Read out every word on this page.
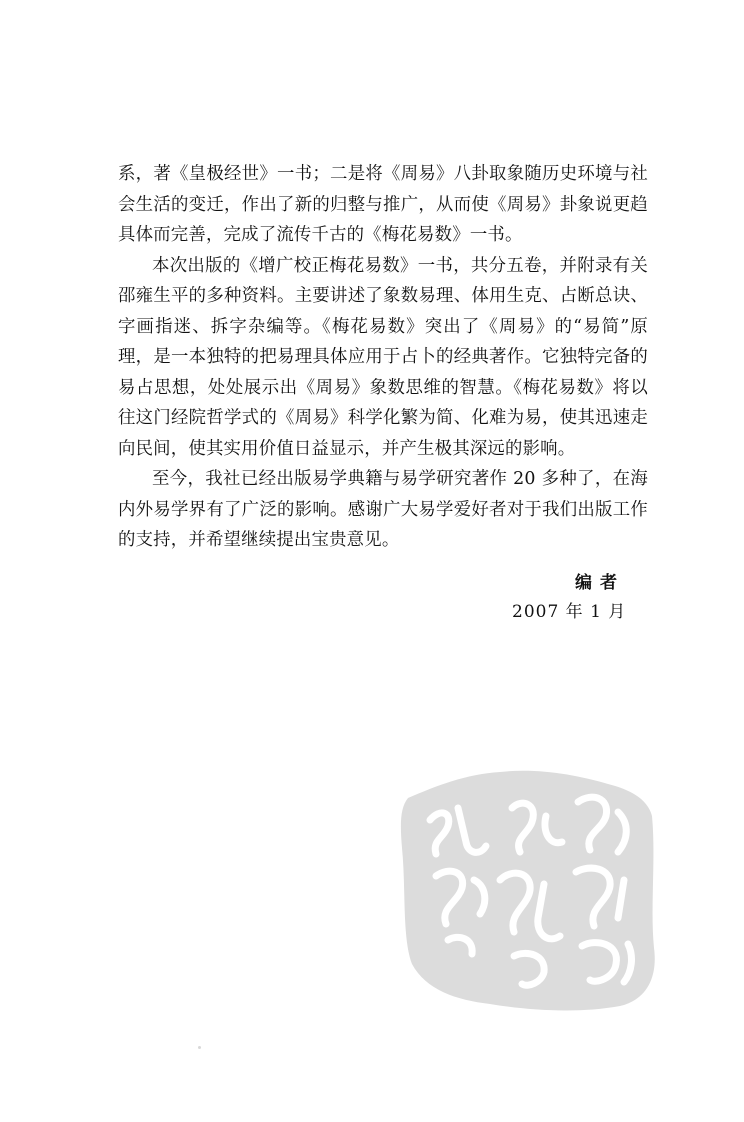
系，著《皇极经世》一书；二是将《周易》八卦取象随历史环境与社会生活的变迁，作出了新的归整与推广，从而使《周易》卦象说更趋具体而完善，完成了流传千古的《梅花易数》一书。

本次出版的《增广校正梅花易数》一书，共分五卷，并附录有关邵雍生平的多种资料。主要讲述了象数易理、体用生克、占断总诀、字画指迷、拆字杂编等。《梅花易数》突出了《周易》的“易简”原理，是一本独特的把易理具体应用于占卜的经典著作。它独特完备的易占思想，处处展示出《周易》象数思维的智慧。《梅花易数》将以往这门经院哲学式的《周易》科学化繁为简、化难为易，使其迅速走向民间，使其实用价值日益显示，并产生极其深远的影响。

至今，我社已经出版易学典籍与易学研究著作 20 多种了，在海内外易学界有了广泛的影响。感谢广大易学爱好者对于我们出版工作的支持，并希望继续提出宝贵意见。

编者
2007 年 1 月
